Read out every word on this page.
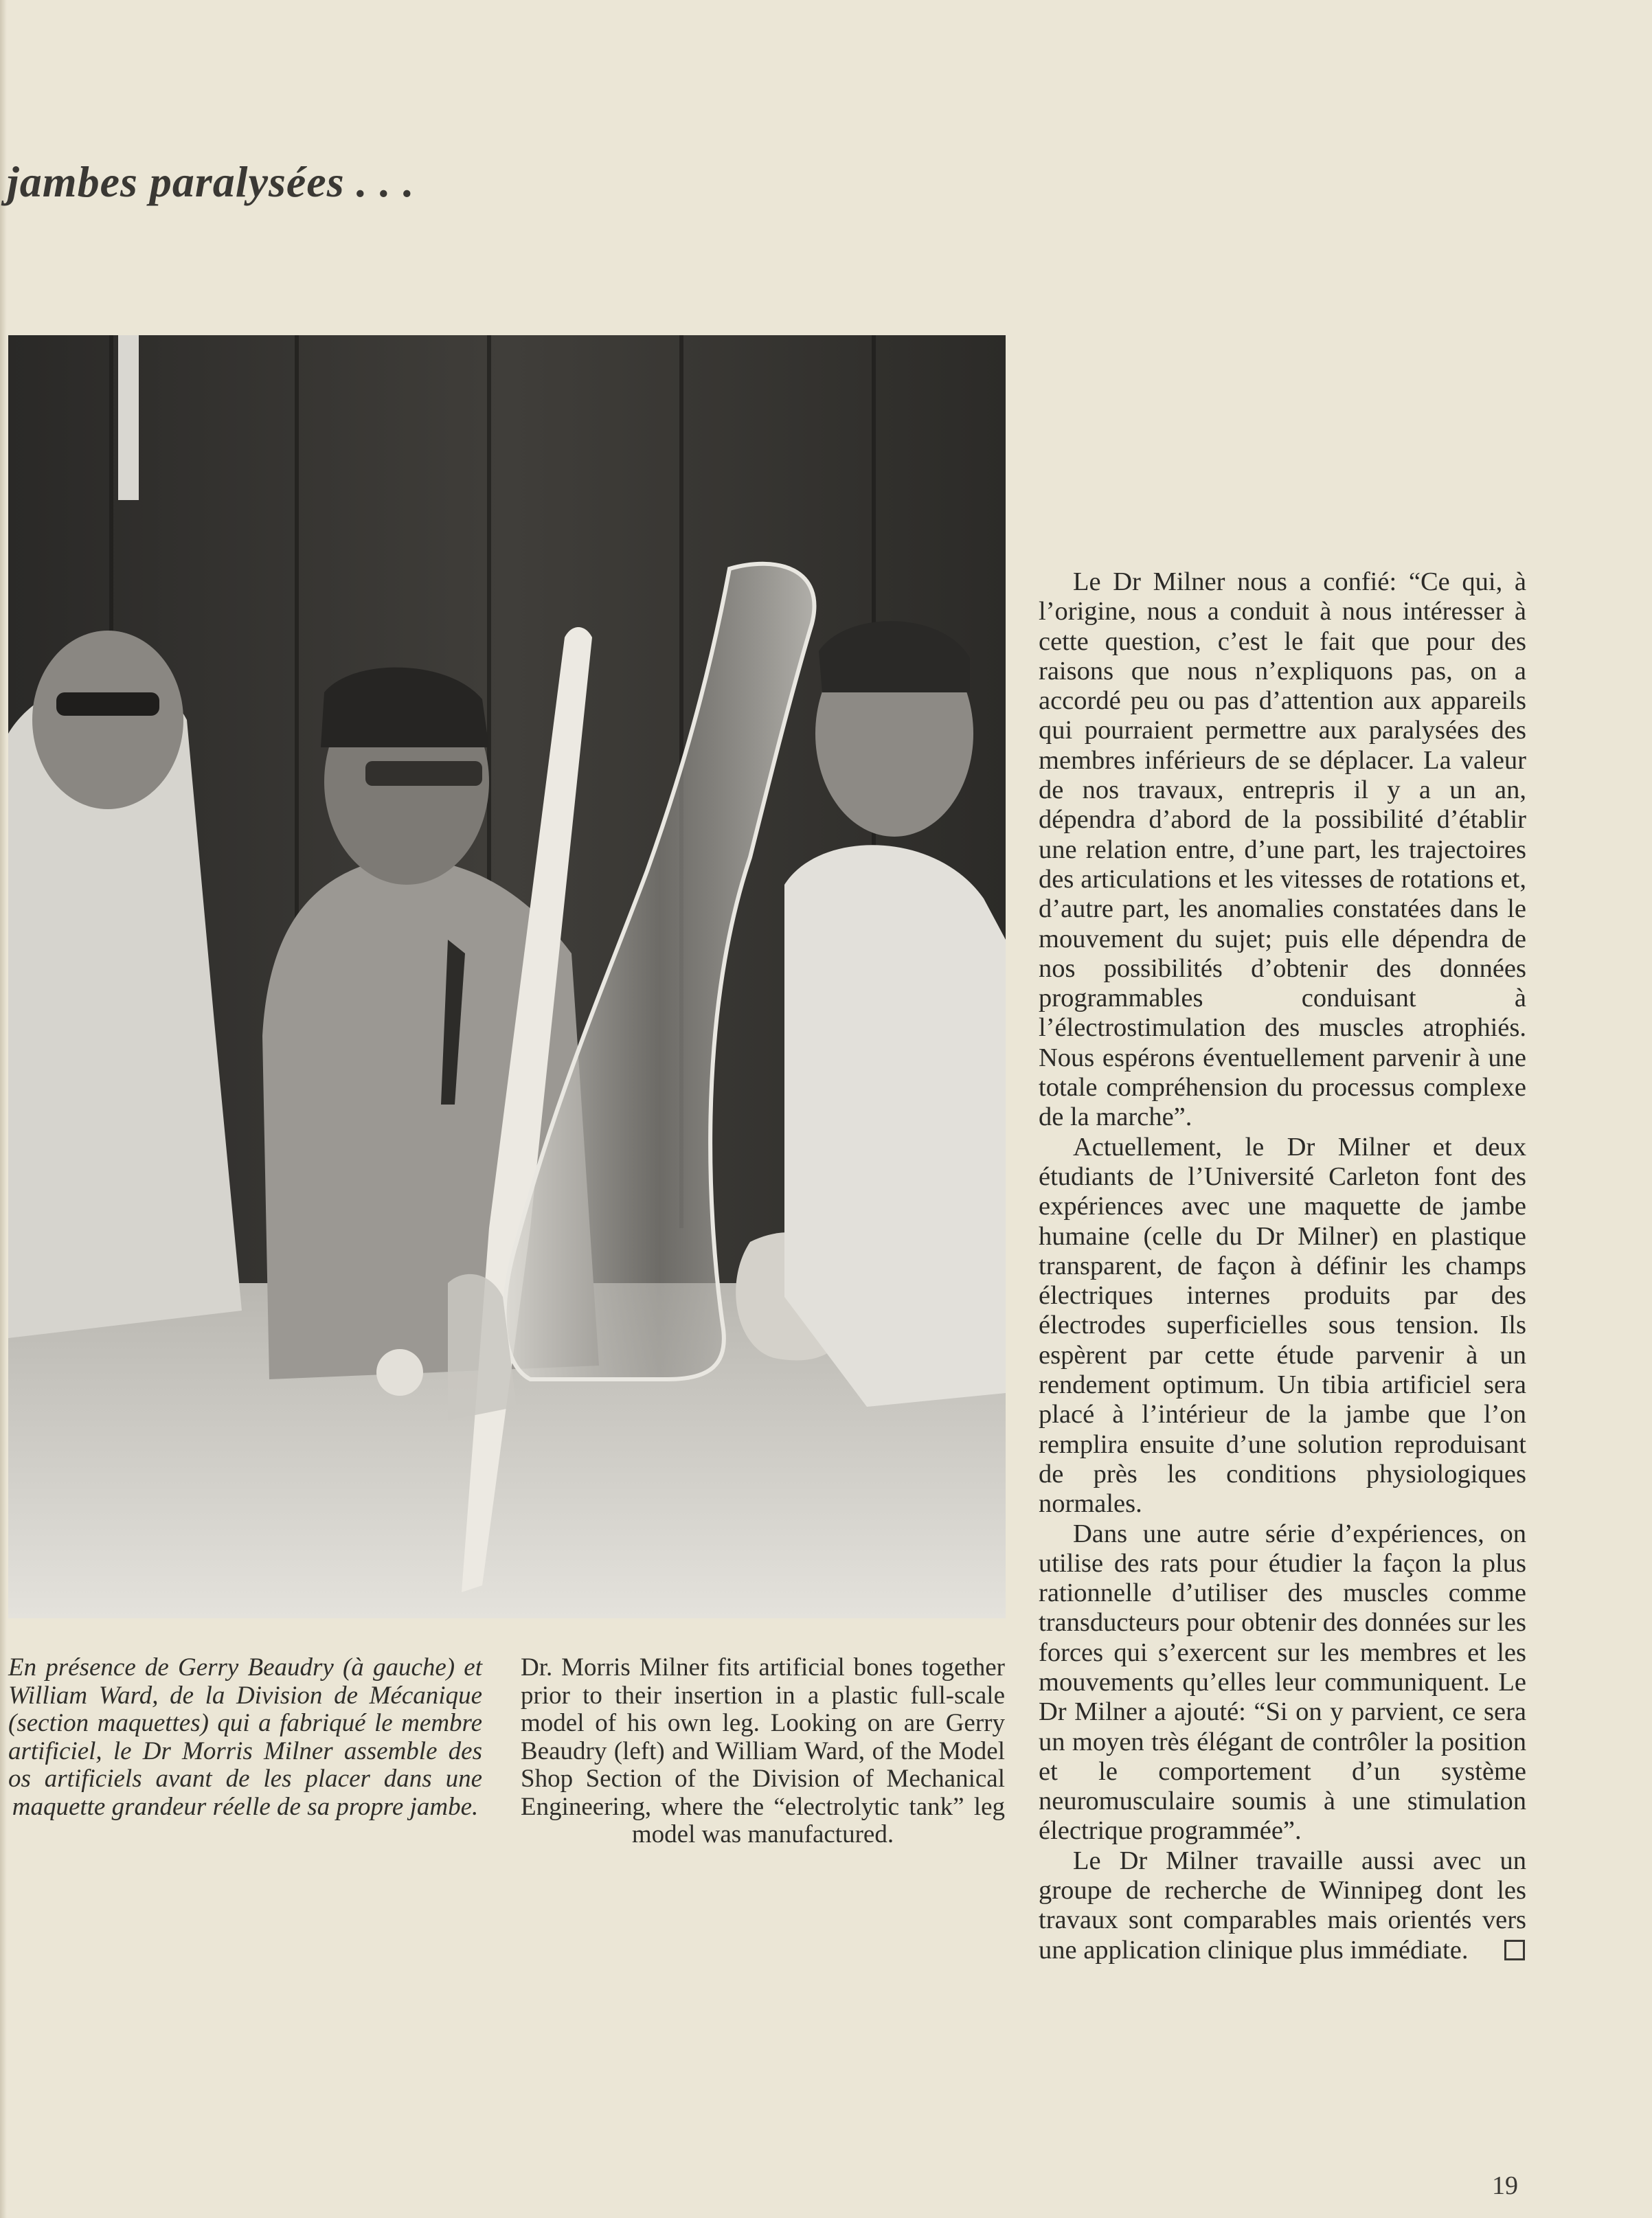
jambes paralysées . . .
En présence de Gerry Beaudry (à gauche) et William Ward, de la Division de Mécanique (section maquettes) qui a fabriqué le membre artificiel, le Dr Morris Milner assemble des os artificiels avant de les placer dans une maquette grandeur réelle de sa propre jambe.
Dr. Morris Milner fits artificial bones together prior to their insertion in a plastic full-scale model of his own leg. Looking on are Gerry Beaudry (left) and William Ward, of the Model Shop Section of the Division of Mechanical Engineering, where the “electrolytic tank” leg model was manufactured.

Le Dr Milner nous a confié: “Ce qui, à l’origine, nous a conduit à nous intéresser à cette question, c’est le fait que pour des raisons que nous n’expliquons pas, on a accordé peu ou pas d’attention aux appareils qui pourraient permettre aux paralysées des membres inférieurs de se déplacer. La valeur de nos travaux, entrepris il y a un an, dépendra d’abord de la possibilité d’établir une relation entre, d’une part, les trajectoires des articulations et les vitesses de rotations et, d’autre part, les anomalies constatées dans le mouvement du sujet; puis elle dépendra de nos possibilités d’obtenir des données programmables conduisant à l’électrostimulation des muscles atrophiés. Nous espérons éventuellement parvenir à une totale compréhension du processus complexe de la marche”.

Actuellement, le Dr Milner et deux étudiants de l’Université Carleton font des expériences avec une maquette de jambe humaine (celle du Dr Milner) en plastique transparent, de façon à définir les champs électriques internes produits par des électrodes superficielles sous tension. Ils espèrent par cette étude parvenir à un rendement optimum. Un tibia artificiel sera placé à l’intérieur de la jambe que l’on remplira ensuite d’une solution reproduisant de près les conditions physiologiques normales.

Dans une autre série d’expériences, on utilise des rats pour étudier la façon la plus rationnelle d’utiliser des muscles comme transducteurs pour obtenir des données sur les forces qui s’exercent sur les membres et les mouvements qu’elles leur communiquent. Le Dr Milner a ajouté: “Si on y parvient, ce sera un moyen très élégant de contrôler la position et le comportement d’un système neuromusculaire soumis à une stimulation électrique programmée”.

Le Dr Milner travaille aussi avec un groupe de recherche de Winnipeg dont les travaux sont comparables mais orientés vers une application clinique plus immédiate.

19
